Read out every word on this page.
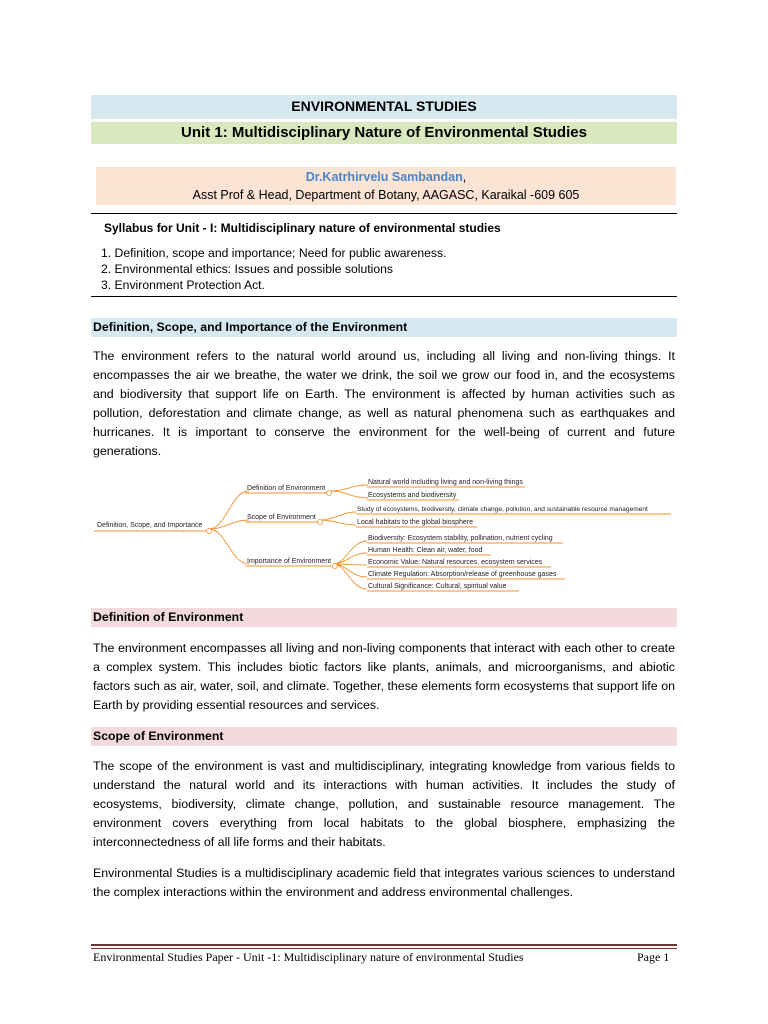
ENVIRONMENTAL STUDIES
Unit 1: Multidisciplinary Nature of Environmental Studies
Dr.Katrhirvelu Sambandan,
Asst Prof & Head, Department of Botany, AAGASC, Karaikal -609 605
Syllabus for Unit - I: Multidisciplinary nature of environmental studies
1. Definition, scope and importance; Need for public awareness.
2. Environmental ethics: Issues and possible solutions
3. Environment Protection Act.
Definition, Scope, and Importance of the Environment

The environment refers to the natural world around us, including all living and non-living things. It encompasses the air we breathe, the water we drink, the soil we grow our food in, and the ecosystems and biodiversity that support life on Earth. The environment is affected by human activities such as pollution, deforestation and climate change, as well as natural phenomena such as earthquakes and hurricanes. It is important to conserve the environment for the well-being of current and future generations.

Definition, Scope, and Importance
Definition of Environment
Scope of Environment
Importance of Environment
Natural world including living and non-living things
Ecosystems and biodiversity
Study of ecosystems, biodiversity, climate change, pollution, and sustainable resource management
Local habitats to the global biosphere
Biodiversity: Ecosystem stability, pollination, nutrient cycling
Human Health: Clean air, water, food
Economic Value: Natural resources, ecosystem services
Climate Regulation: Absorption/release of greenhouse gases
Cultural Significance: Cultural, spiritual value
Definition of Environment

The environment encompasses all living and non-living components that interact with each other to create a complex system. This includes biotic factors like plants, animals, and microorganisms, and abiotic factors such as air, water, soil, and climate. Together, these elements form ecosystems that support life on Earth by providing essential resources and services.

Scope of Environment

The scope of the environment is vast and multidisciplinary, integrating knowledge from various fields to understand the natural world and its interactions with human activities. It includes the study of ecosystems, biodiversity, climate change, pollution, and sustainable resource management. The environment covers everything from local habitats to the global biosphere, emphasizing the interconnectedness of all life forms and their habitats.

Environmental Studies is a multidisciplinary academic field that integrates various sciences to understand the complex interactions within the environment and address environmental challenges.

Environmental Studies Paper - Unit -1: Multidisciplinary nature of environmental Studies	Page 1
